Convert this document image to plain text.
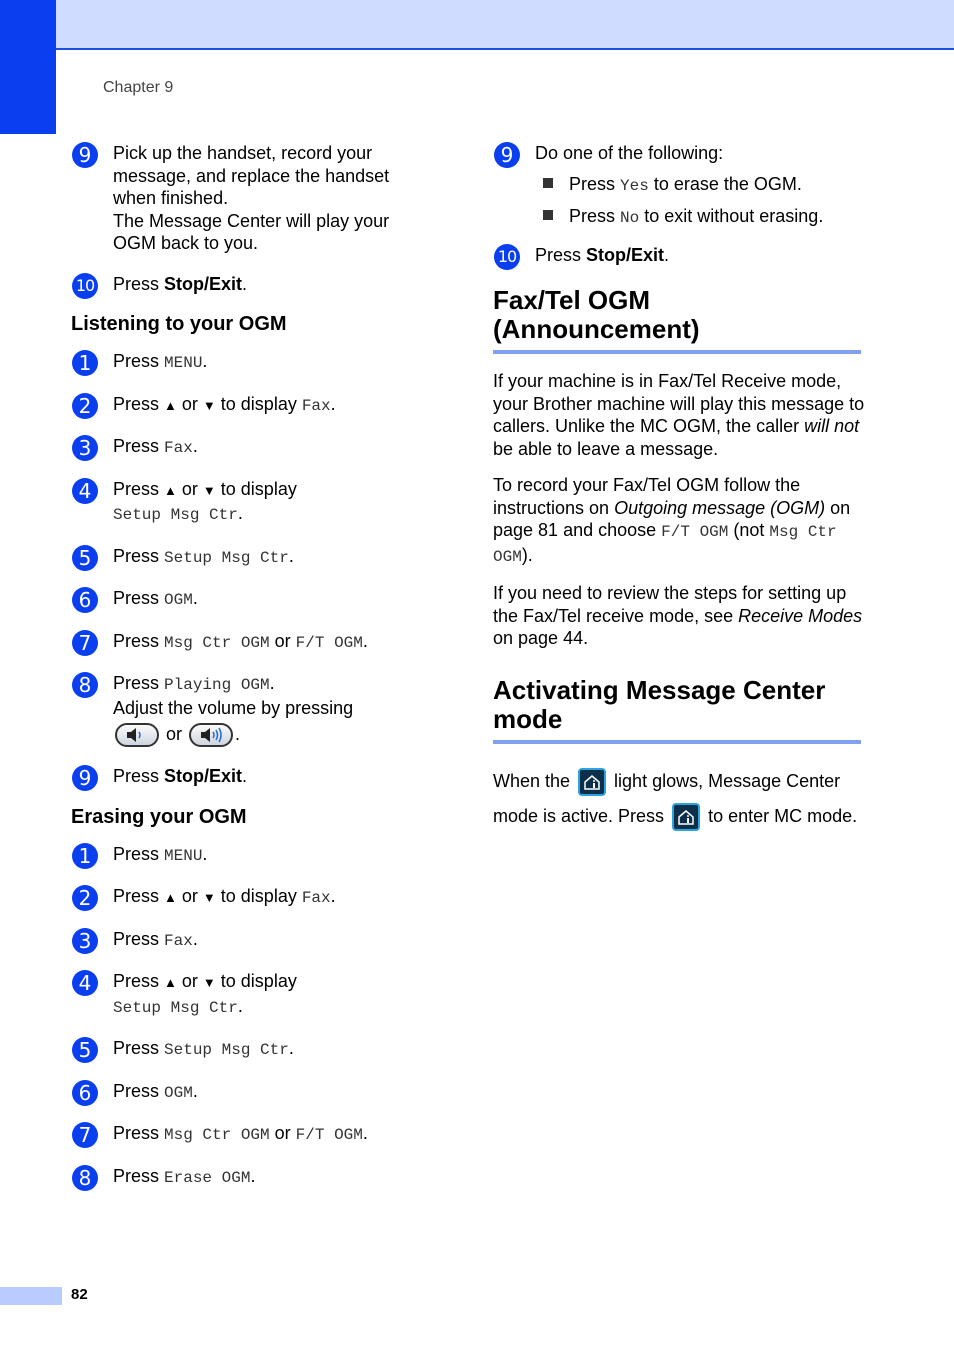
Chapter 9
9	Pick up the handset, record your message, and replace the handset when finished.
The Message Center will play your OGM back to you.
10 Press Stop/Exit.
Listening to your OGM
1	Press MENU.
2	Press ▲ or ▼ to display Fax.
3	Press Fax.
4	Press ▲ or ▼ to display
Setup Msg Ctr.
5	Press Setup Msg Ctr.
6	Press OGM.
7	Press Msg Ctr OGM or F/T OGM.
8	Press Playing OGM.
Adjust the volume by pressing
or	.
9	Press Stop/Exit.
Erasing your OGM
1	Press MENU.
2	Press ▲ or ▼ to display Fax.
3	Press Fax.
4	Press ▲ or ▼ to display
Setup Msg Ctr.
5	Press Setup Msg Ctr.
6	Press OGM.
7	Press Msg Ctr OGM or F/T OGM.
8	Press Erase OGM.
9	Do one of the following:
Press Yes to erase the OGM.
Press No to exit without erasing.
10 Press Stop/Exit.
Fax/Tel OGM
(Announcement)
If your machine is in Fax/Tel Receive mode, your Brother machine will play this message to callers. Unlike the MC OGM, the caller will not be able to leave a message.
To record your Fax/Tel OGM follow the instructions on Outgoing message (OGM) on page 81 and choose F/T OGM (not Msg Ctr OGM).
If you need to review the steps for setting up the Fax/Tel receive mode, see Receive Modes on page 44.
Activating Message Center
mode
When the
light glows, Message Center
mode is active. Press
to enter MC mode.
82
